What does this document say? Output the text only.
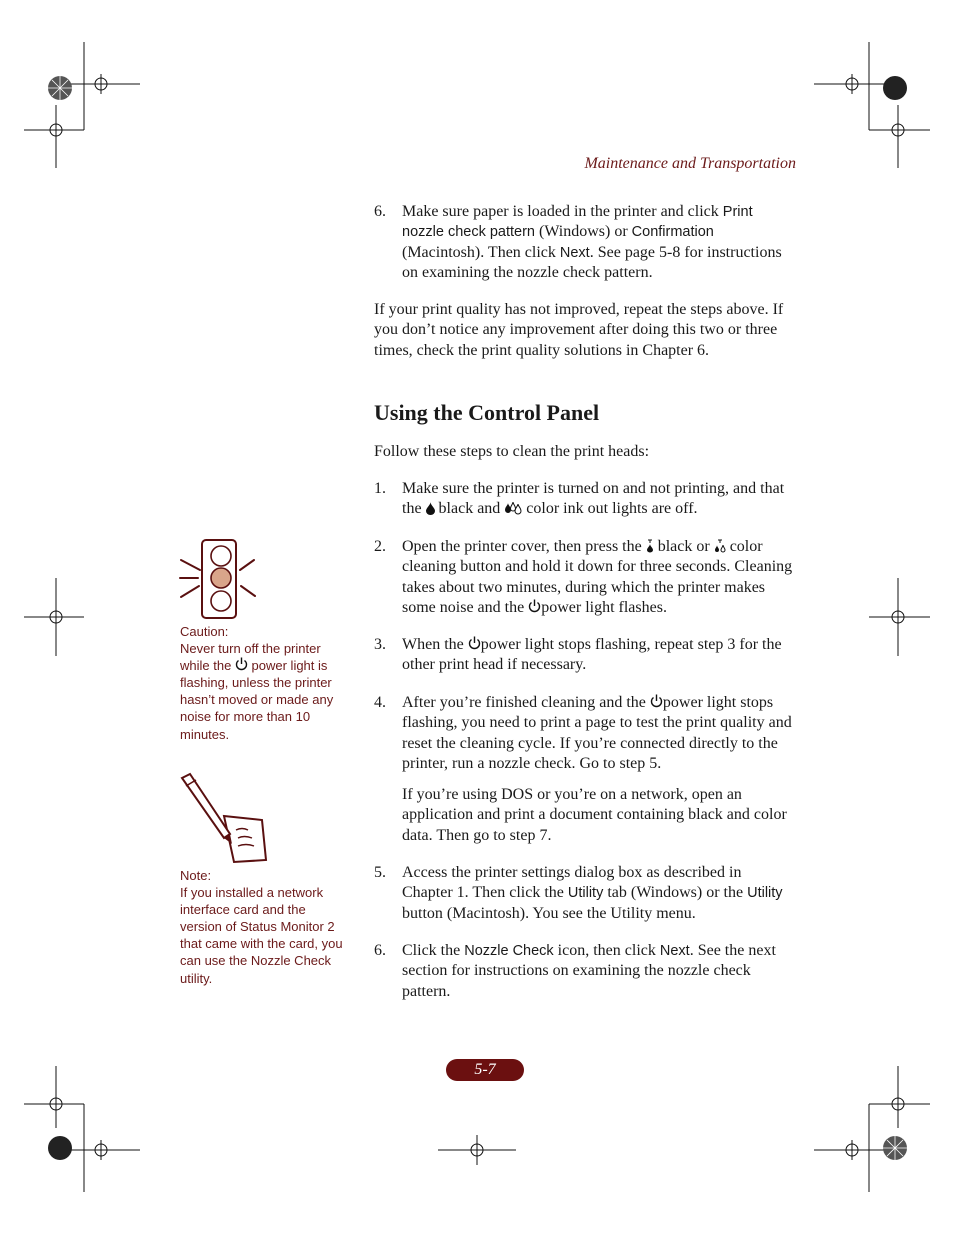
Maintenance and Transportation
6.	Make sure paper is loaded in the printer and click Print nozzle check pattern (Windows) or Confirmation (Macintosh). Then click Next. See page 5-8 for instructions on examining the nozzle check pattern.

If your print quality has not improved, repeat the steps above. If you don’t notice any improvement after doing this two or three times, check the print quality solutions in Chapter 6.

Using the Control Panel

Follow these steps to clean the print heads:

1.	Make sure the printer is turned on and not printing, and that the  black and  color ink out lights are off.
2.	Open the printer cover, then press the  black or  color cleaning button and hold it down for three seconds. Cleaning takes about two minutes, during which the printer makes some noise and the power light flashes.
3.	When the power light stops flashing, repeat step 3 for the other print head if necessary.
4.	After you’re finished cleaning and the power light stops flashing, you need to print a page to test the print quality and reset the cleaning cycle. If you’re connected directly to the printer, run a nozzle check. Go to step 5.
If you’re using DOS or you’re on a network, open an application and print a document containing black and color data. Then go to step 7.
5.	Access the printer settings dialog box as described in Chapter 1. Then click the Utility tab (Windows) or the Utility button (Macintosh). You see the Utility menu.
6.	Click the Nozzle Check icon, then click Next. See the next section for instructions on examining the nozzle check pattern.

Caution:

Never turn off the printer while the  power light is flashing, unless the printer hasn’t moved or made any noise for more than 10 minutes.

Note:

If you installed a network interface card and the version of Status Monitor 2 that came with the card, you can use the Nozzle Check utility.

5-7
